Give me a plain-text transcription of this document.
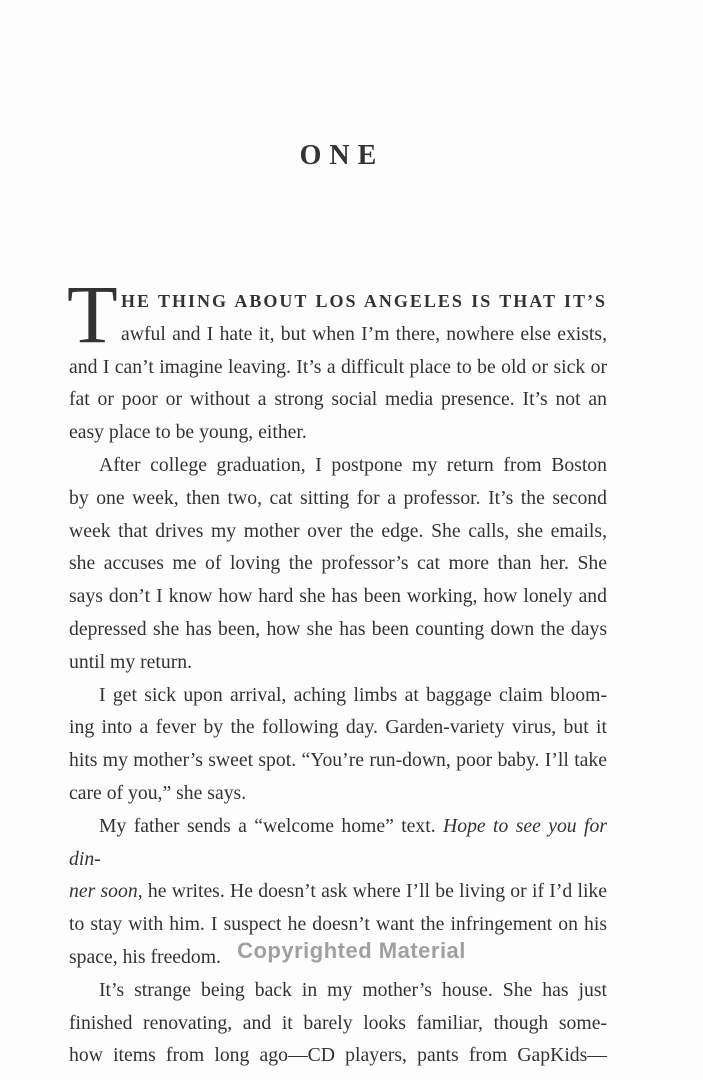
ONE
Copyrighted Material
T HE THING ABOUT LOS ANGELES IS THAT IT’S
awful and I hate it, but when I’m there, nowhere else exists,
and I can’t imagine leaving. It’s a difficult place to be old or sick or
fat or poor or without a strong social media presence. It’s not an
easy place to be young, either.
After college graduation, I postpone my return from Boston
by one week, then two, cat sitting for a professor. It’s the second
week that drives my mother over the edge. She calls, she emails,
she accuses me of loving the professor’s cat more than her. She
says don’t I know how hard she has been working, how lonely and
depressed she has been, how she has been counting down the days
until my return.
I get sick upon arrival, aching limbs at baggage claim bloom-
ing into a fever by the following day. Garden-variety virus, but it
hits my mother’s sweet spot. “You’re run-down, poor baby. I’ll take
care of you,” she says.
My father sends a “welcome home” text. Hope to see you for din-
ner soon, he writes. He doesn’t ask where I’ll be living or if I’d like
to stay with him. I suspect he doesn’t want the infringement on his
space, his freedom.
It’s strange being back in my mother’s house. She has just
finished renovating, and it barely looks familiar, though some-
how items from long ago—CD players, pants from GapKids—
